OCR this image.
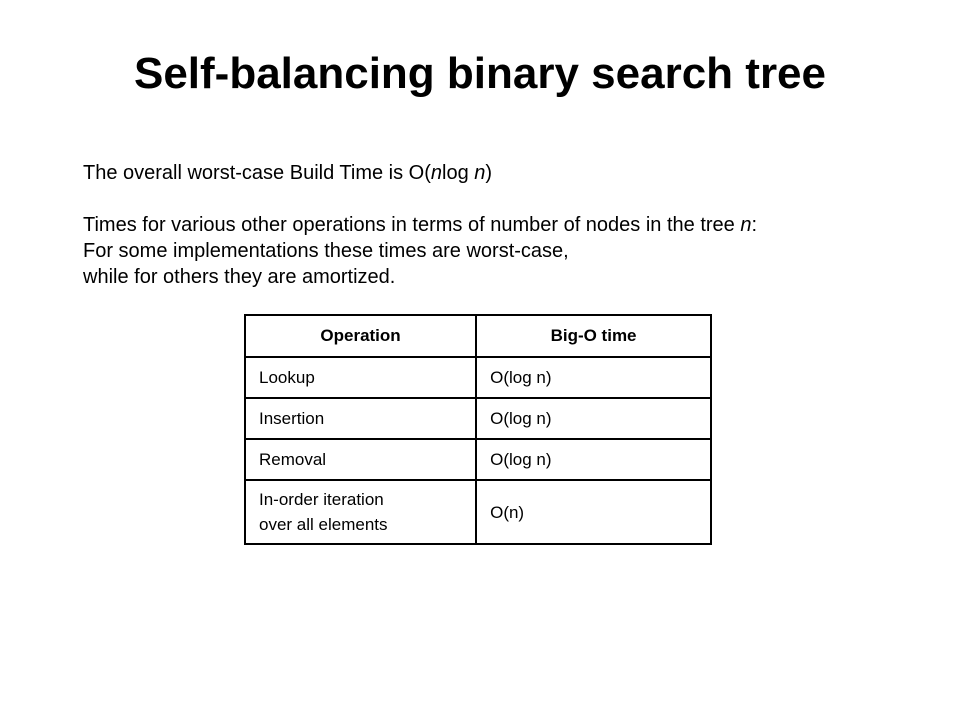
Self-balancing binary search tree

The overall worst-case Build Time is O(nlog n)

Times for various other operations in terms of number of nodes in the tree n:

For some implementations these times are worst-case,

while for others they are amortized.

Operation	Big-O time
Lookup	O(log n)
Insertion	O(log n)
Removal	O(log n)
In-order iteration
over all elements	O(n)
